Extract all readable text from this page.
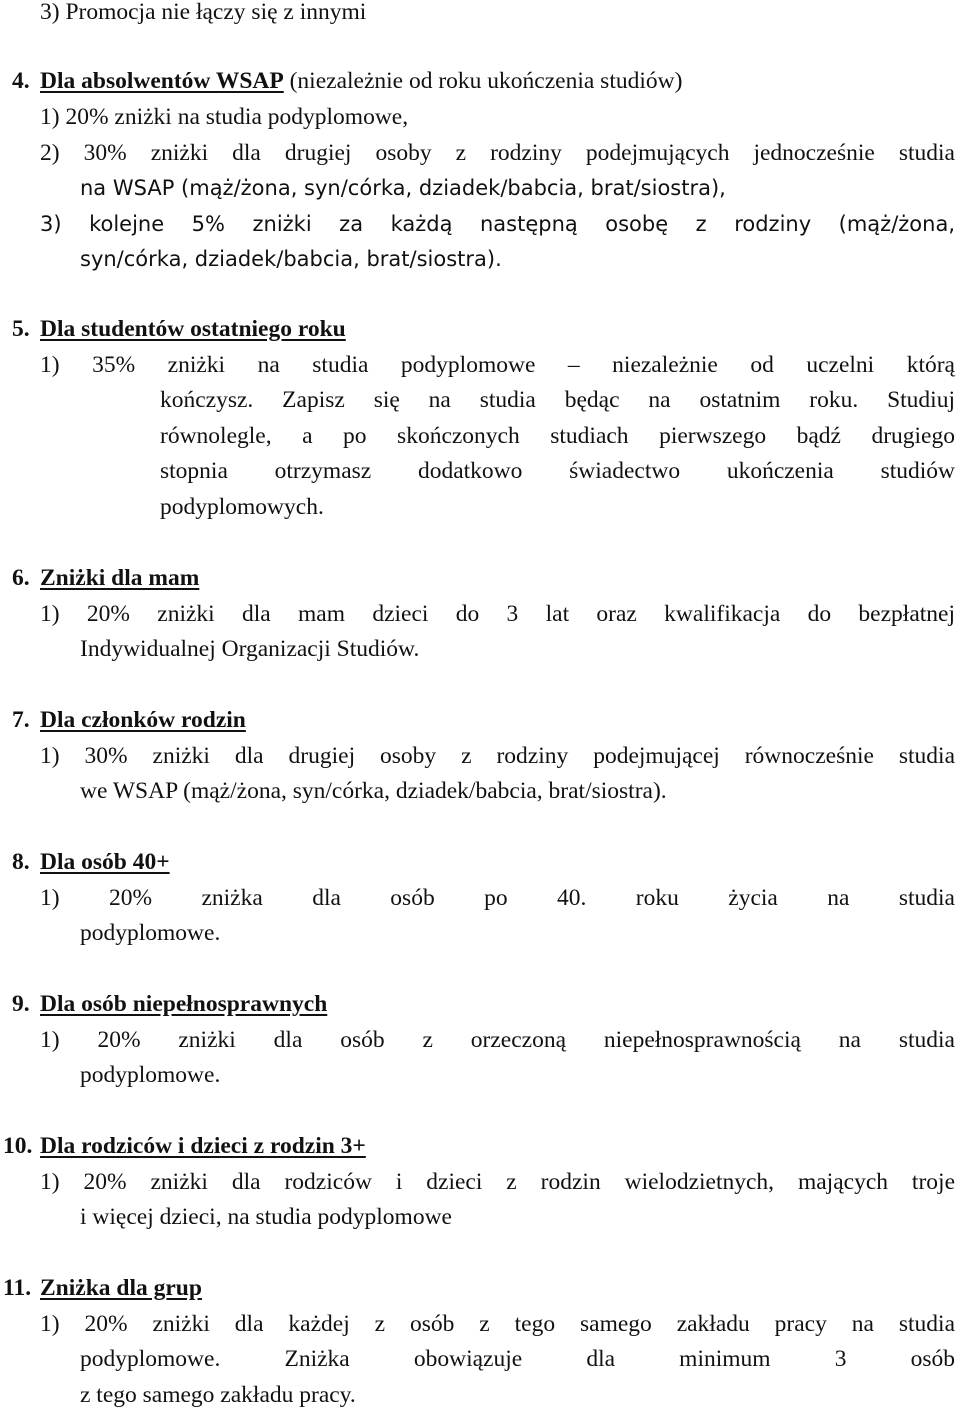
3) Promocja nie łączy się z innymi
4. Dla absolwentów WSAP (niezależnie od roku ukończenia studiów)
1) 20% zniżki na studia podyplomowe,
2) 30% zniżki dla drugiej osoby z rodziny podejmujących jednocześnie studia
na WSAP (mąż/żona, syn/córka, dziadek/babcia, brat/siostra),
3) kolejne 5% zniżki za każdą następną osobę z rodziny (mąż/żona,
syn/córka, dziadek/babcia, brat/siostra).
5. Dla studentów ostatniego roku
1) 35% zniżki na studia podyplomowe – niezależnie od uczelni którą
kończysz. Zapisz się na studia będąc na ostatnim roku. Studiuj
równolegle, a po skończonych studiach pierwszego bądź drugiego
stopnia otrzymasz dodatkowo świadectwo ukończenia studiów
podyplomowych.
6. Zniżki dla mam
1) 20% zniżki dla mam dzieci do 3 lat oraz kwalifikacja do bezpłatnej
Indywidualnej Organizacji Studiów.
7. Dla członków rodzin
1) 30% zniżki dla drugiej osoby z rodziny podejmującej równocześnie studia
we WSAP (mąż/żona, syn/córka, dziadek/babcia, brat/siostra).
8. Dla osób 40+
1) 20% zniżka dla osób po 40. roku życia na studia
podyplomowe.
9. Dla osób niepełnosprawnych
1) 20% zniżki dla osób z orzeczoną niepełnosprawnością na studia
podyplomowe.
10. Dla rodziców i dzieci z rodzin 3+
1) 20% zniżki dla rodziców i dzieci z rodzin wielodzietnych, mających troje
i więcej dzieci, na studia podyplomowe
11. Zniżka dla grup
1) 20% zniżki dla każdej z osób z tego samego zakładu pracy na studia
podyplomowe. Zniżka obowiązuje dla minimum 3 osób
z tego samego zakładu pracy.
